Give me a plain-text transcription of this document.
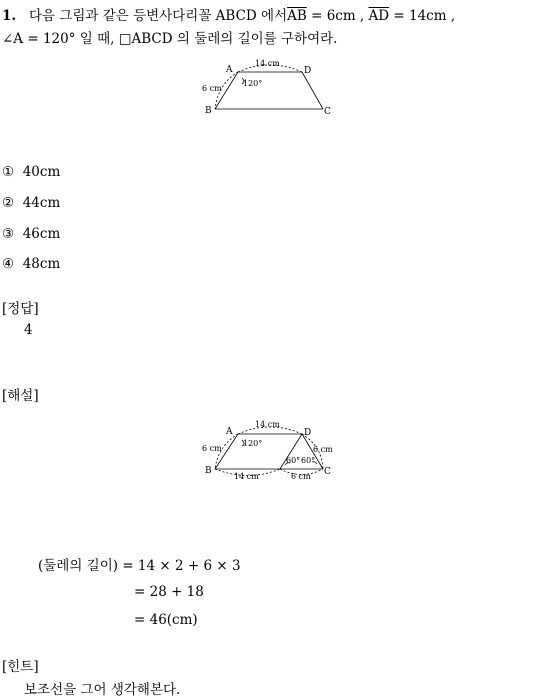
1. 다음 그림과 같은 등변사다리꼴 ABCD 에서$\overline{AB} = 6cm$ , $\overline{AD} = 14cm$ ,
∠A = 120° 일 때, □ABCD 의 둘레의 길이를 구하여라.
A
B	C
D
14 cm
6 cm
120°
① 40cm
② 44cm
③ 46cm
④ 48cm
[정답]
4
[해설]
A
B	C
D
14 cm
6 cm	6 cm
14 cm	6 cm
120°
60° 60°
(둘레의 길이) = 14 × 2 + 6 × 3
= 28 + 18
= 46(cm)
[힌트]
보조선을 그어 생각해본다.
